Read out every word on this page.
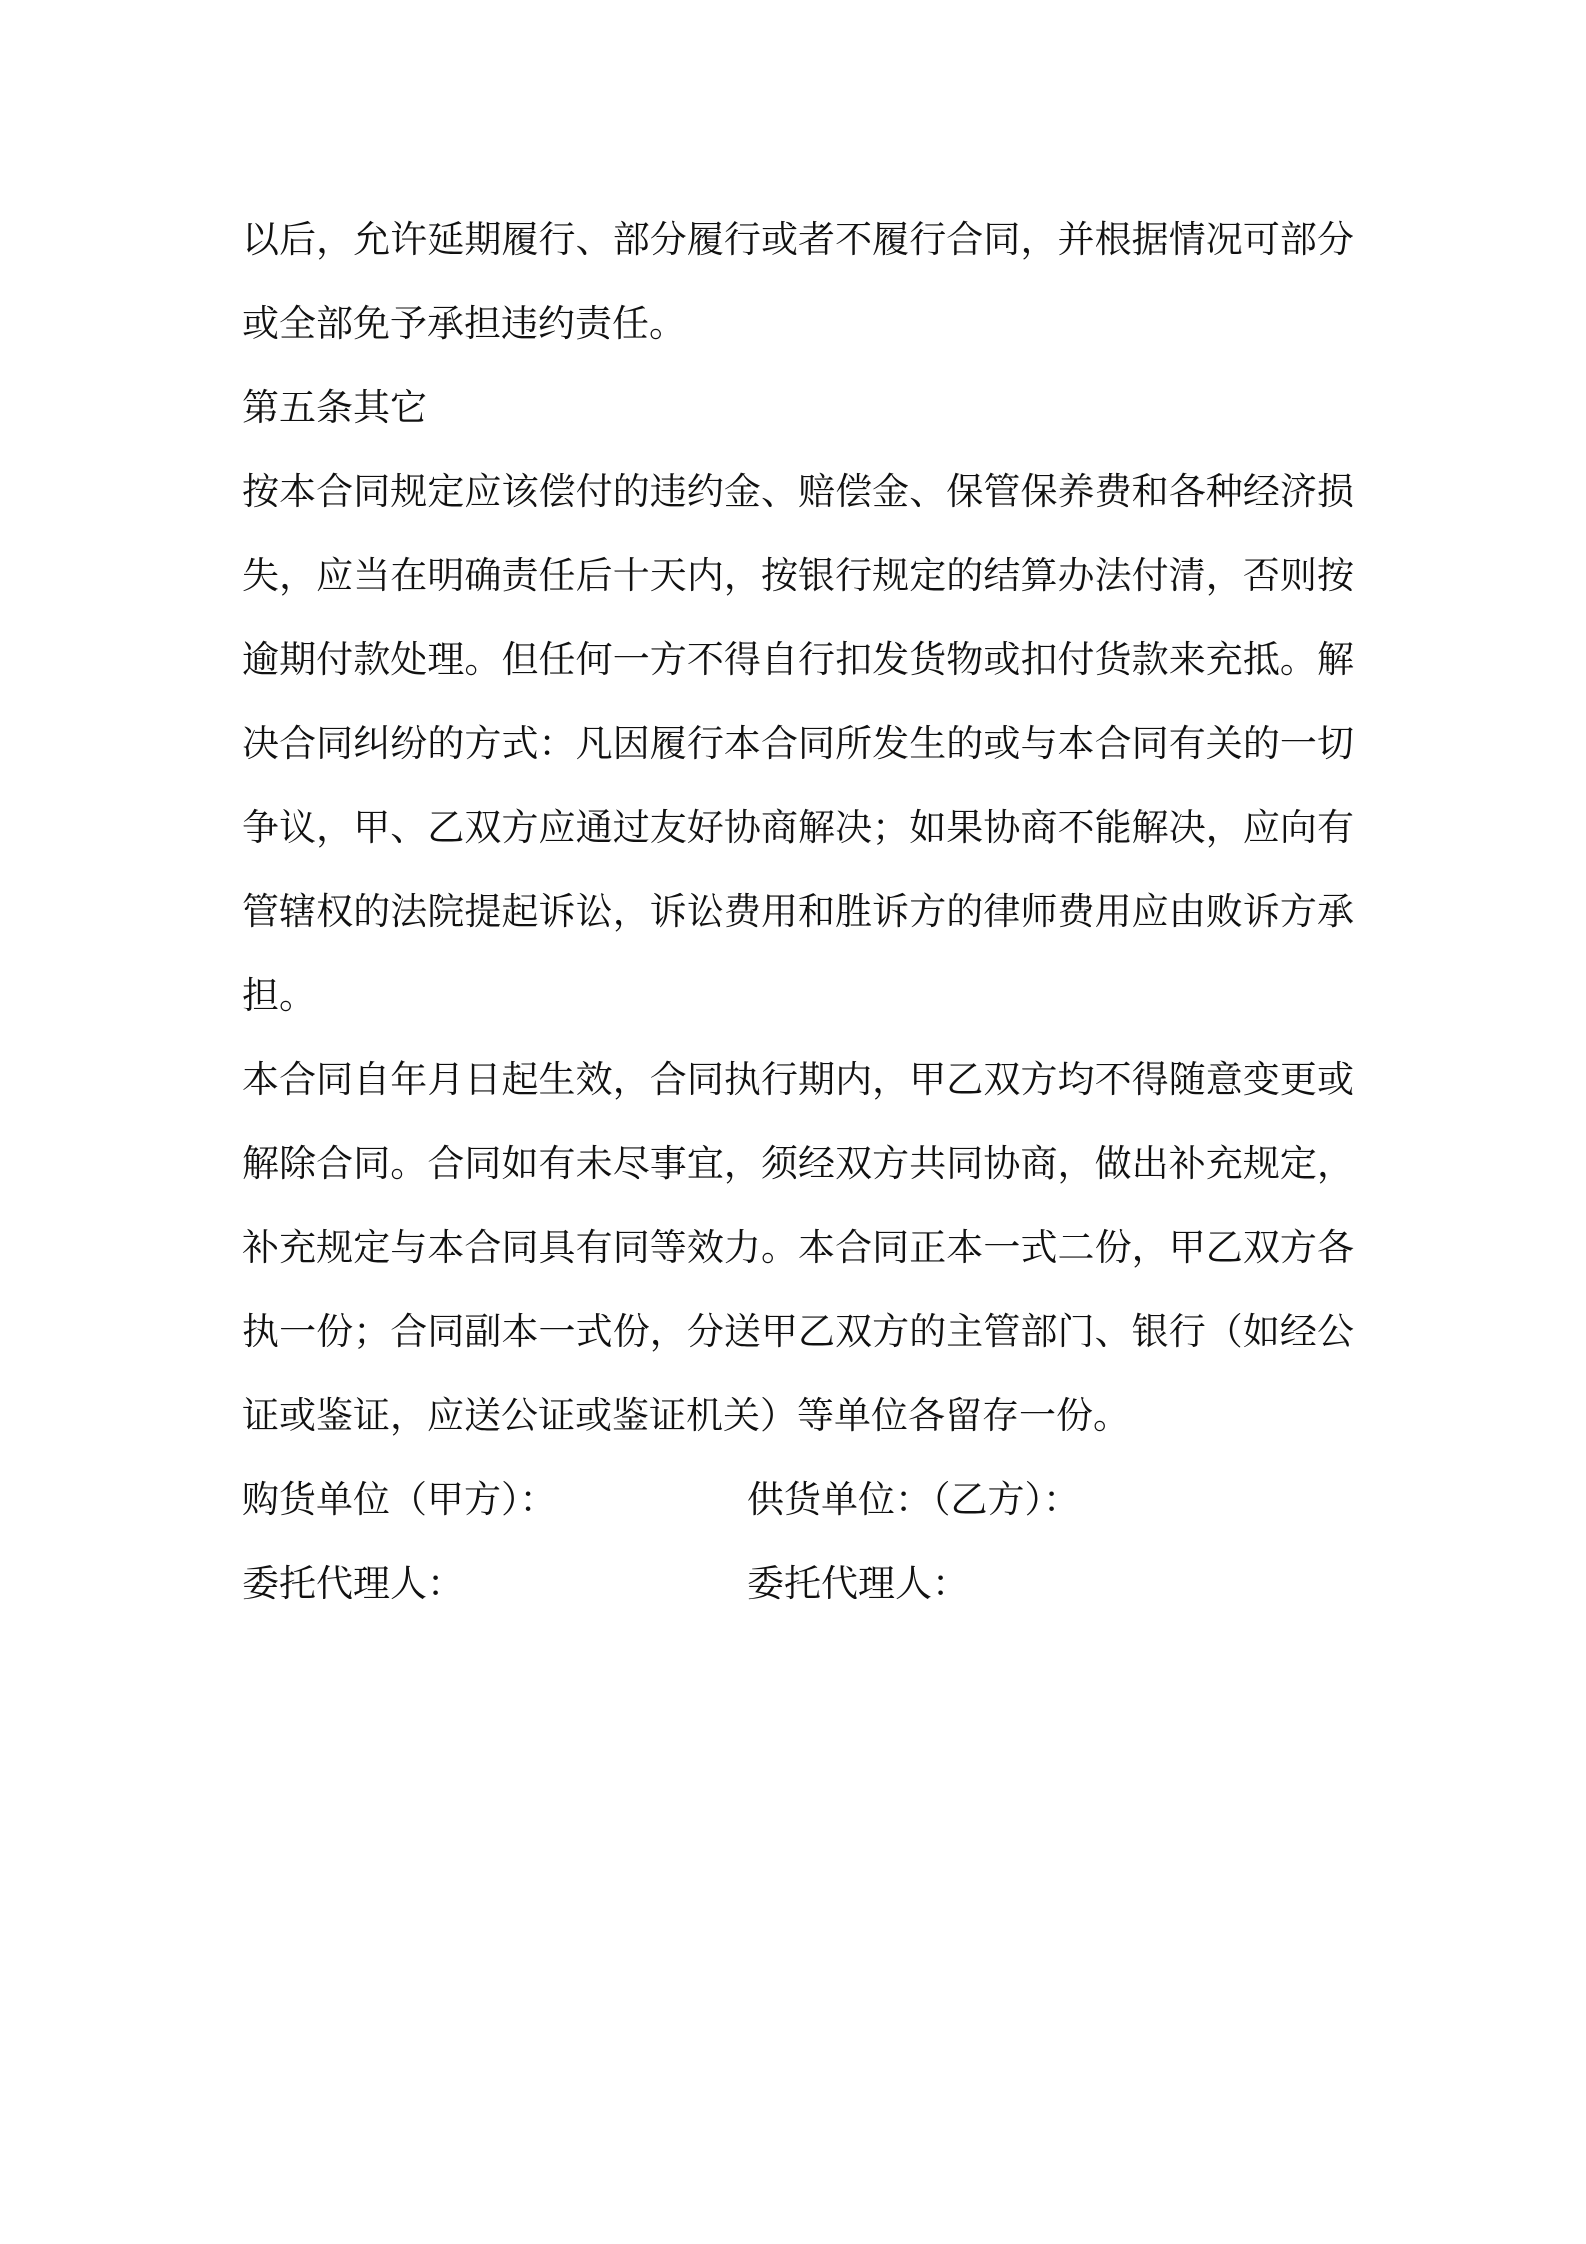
以后，允许延期履行、部分履行或者不履行合同，并根据情况可部分
或全部免予承担违约责任。
第五条其它
按本合同规定应该偿付的违约金、赔偿金、保管保养费和各种经济损
失，应当在明确责任后十天内，按银行规定的结算办法付清，否则按
逾期付款处理。但任何一方不得自行扣发货物或扣付货款来充抵。解
决合同纠纷的方式：凡因履行本合同所发生的或与本合同有关的一切
争议，甲、乙双方应通过友好协商解决；如果协商不能解决，应向有
管辖权的法院提起诉讼，诉讼费用和胜诉方的律师费用应由败诉方承
担。
本合同自年月日起生效，合同执行期内，甲乙双方均不得随意变更或
解除合同。合同如有未尽事宜，须经双方共同协商，做出补充规定，
补充规定与本合同具有同等效力。本合同正本一式二份，甲乙双方各
执一份；合同副本一式份，分送甲乙双方的主管部门、银行（如经公
证或鉴证，应送公证或鉴证机关）等单位各留存一份。
购货单位（甲方）：	供货单位：（乙方）：
委托代理人：	委托代理人：
